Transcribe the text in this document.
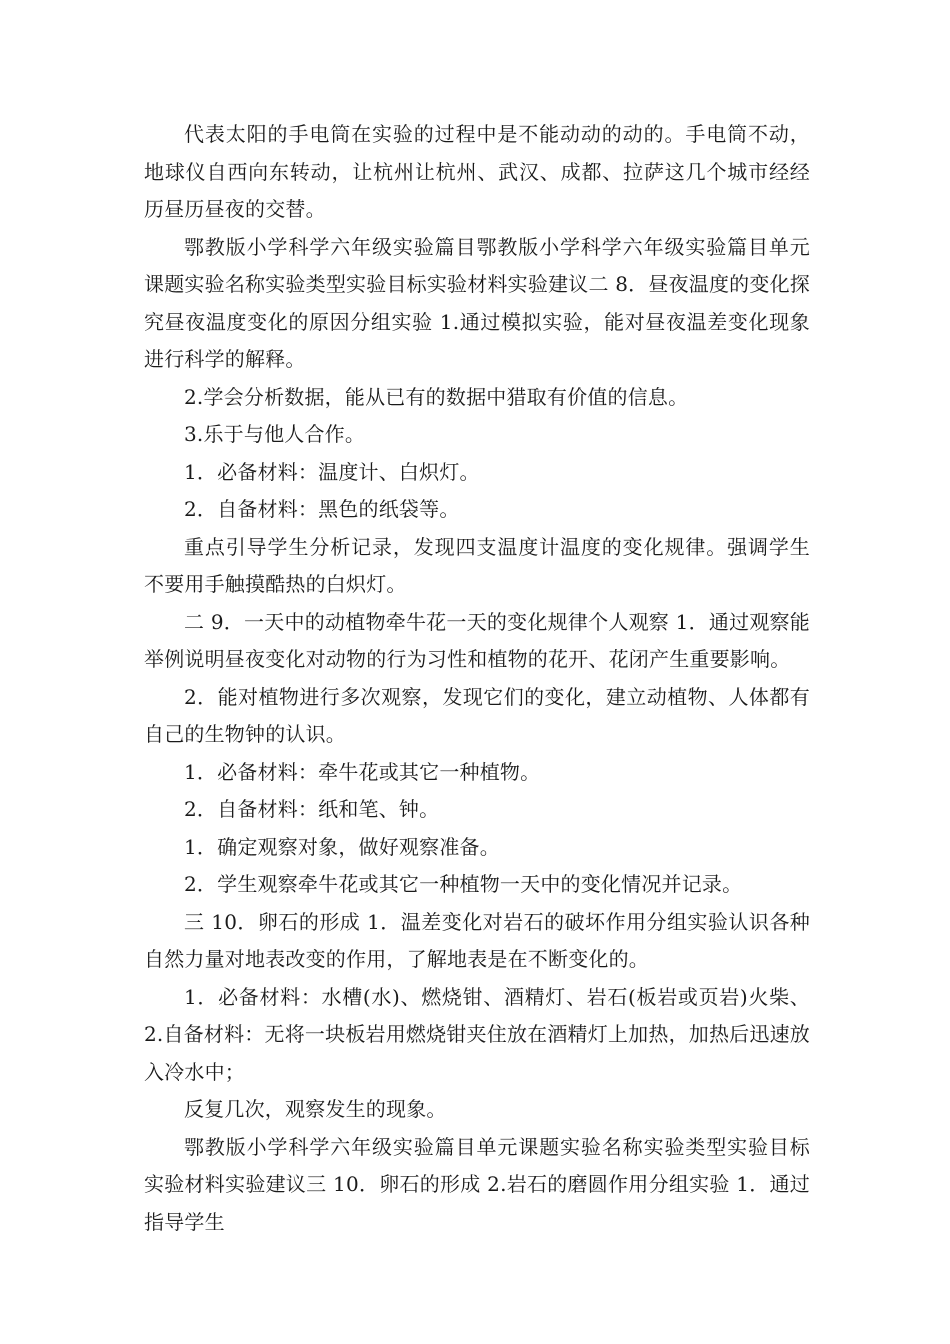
代表太阳的手电筒在实验的过程中是不能动动的动的。手电筒不动，地球仪自西向东转动，让杭州让杭州、武汉、成都、拉萨这几个城市经经历昼历昼夜的交替。

鄂教版小学科学六年级实验篇目鄂教版小学科学六年级实验篇目单元课题实验名称实验类型实验目标实验材料实验建议二 8．昼夜温度的变化探究昼夜温度变化的原因分组实验 1.通过模拟实验，能对昼夜温差变化现象进行科学的解释。

2.学会分析数据，能从已有的数据中猎取有价值的信息。

3.乐于与他人合作。

1．必备材料：温度计、白炽灯。

2．自备材料：黑色的纸袋等。

重点引导学生分析记录，发现四支温度计温度的变化规律。强调学生不要用手触摸酷热的白炽灯。

二 9．一天中的动植物牵牛花一天的变化规律个人观察 1．通过观察能举例说明昼夜变化对动物的行为习性和植物的花开、花闭产生重要影响。

2．能对植物进行多次观察，发现它们的变化，建立动植物、人体都有自己的生物钟的认识。

1．必备材料：牵牛花或其它一种植物。

2．自备材料：纸和笔、钟。

1．确定观察对象，做好观察准备。

2．学生观察牵牛花或其它一种植物一天中的变化情况并记录。

三 10．卵石的形成 1．温差变化对岩石的破坏作用分组实验认识各种自然力量对地表改变的作用，了解地表是在不断变化的。

1．必备材料：水槽(水)、燃烧钳、酒精灯、岩石(板岩或页岩)火柴、2.自备材料：无将一块板岩用燃烧钳夹住放在酒精灯上加热，加热后迅速放入冷水中；

反复几次，观察发生的现象。

鄂教版小学科学六年级实验篇目单元课题实验名称实验类型实验目标实验材料实验建议三 10．卵石的形成 2.岩石的磨圆作用分组实验 1．通过指导学生
